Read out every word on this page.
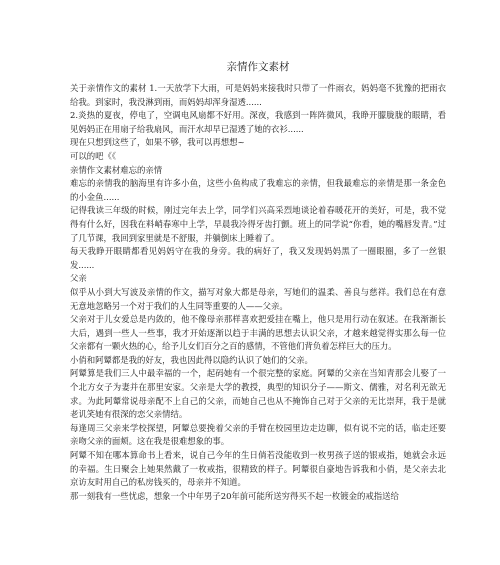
亲情作文素材

关于亲情作文的素材 1.一天放学下大雨，可是妈妈来接我时只带了一件雨衣，妈妈毫不犹豫的把雨衣给我。到家时，我没淋到雨，而妈妈却浑身湿透......

2.炎热的夏夜，停电了，空调电风扇都不好用。深夜，我感到一阵阵微风，我睁开朦胧胧的眼睛，看见妈妈正在用扇子给我扇风，而汗水却早已湿透了她的衣衫......

现在只想到这些了，如果不够，我可以再想想~

可以的吧《《

亲情作文素材难忘的亲情

难忘的亲情我的脑海里有许多小鱼，这些小鱼构成了我难忘的亲情，但我最难忘的亲情是那一条金色的小金鱼......

记得我读三年级的时候，刚过完年去上学，同学们兴高采烈地谈论着春暖花开的美好，可是，我不觉得有什么好，因我在料峭春寒中上学，早晨我冷得牙齿打颤。班上的同学说“你看，她的嘴唇发青。”过了几节课，我回到家里就是不舒服，并躺倒床上睡着了。

每天我睁开眼睛都看见妈妈守在我的身旁。我的病好了，我又发现妈妈黑了一圈眼圈，多了一丝银发......

父亲

似乎从小到大写波及亲情的作文，描写对象大都是母亲，写她们的温柔、善良与慈祥。我们总在有意无意地忽略另一个对于我们的人生同等重要的人——父亲。

父亲对于儿女爱总是内敛的，他不像母亲那样喜欢把爱挂在嘴上，他只是用行动在叙述。在我渐渐长大后，遇到一些人一些事，我才开始逐渐以趋于丰满的思想去认识父亲，才越来越觉得实那么每一位父亲都有一颗火热的心，给予儿女们百分之百的感情，不管他们背负着怎样巨大的压力。

小俏和阿颦都是我的好友，我也因此得以隐约认识了她们的父亲。

阿颦算是我们三人中最幸福的一个，起码她有一个很完整的家庭。阿颦的父亲在当知青那会儿娶了一个北方女子为妻并在那里安家。父亲是大学的教授，典型的知识分子——斯文、儒雅，对名利无欲无求。为此阿颦常说母亲配不上自己的父亲，而她自己也从不掩饰自己对于父亲的无比崇拜，我于是就老讥笑她有很深的恋父亲情结。

每逢周三父亲来学校探望，阿颦总要挽着父亲的手臂在校园里边走边聊，似有说不完的话，临走还要亲吻父亲的面颊。这在我是很难想象的事。

阿颦不知在哪本算命书上看来，说自己今年的生日倘若没能收到一枚男孩子送的银戒指，她就会永远的幸福。生日聚会上她果然戴了一枚戒指，很精致的样子。阿颦很自豪地告诉我和小俏，是父亲去北京访友时用自己的私房钱买的，母亲并不知道。

那一刻我有一些忧虑，想象一个中年男子20年前可能所送穷得买不起一枚镀金的戒指送给
